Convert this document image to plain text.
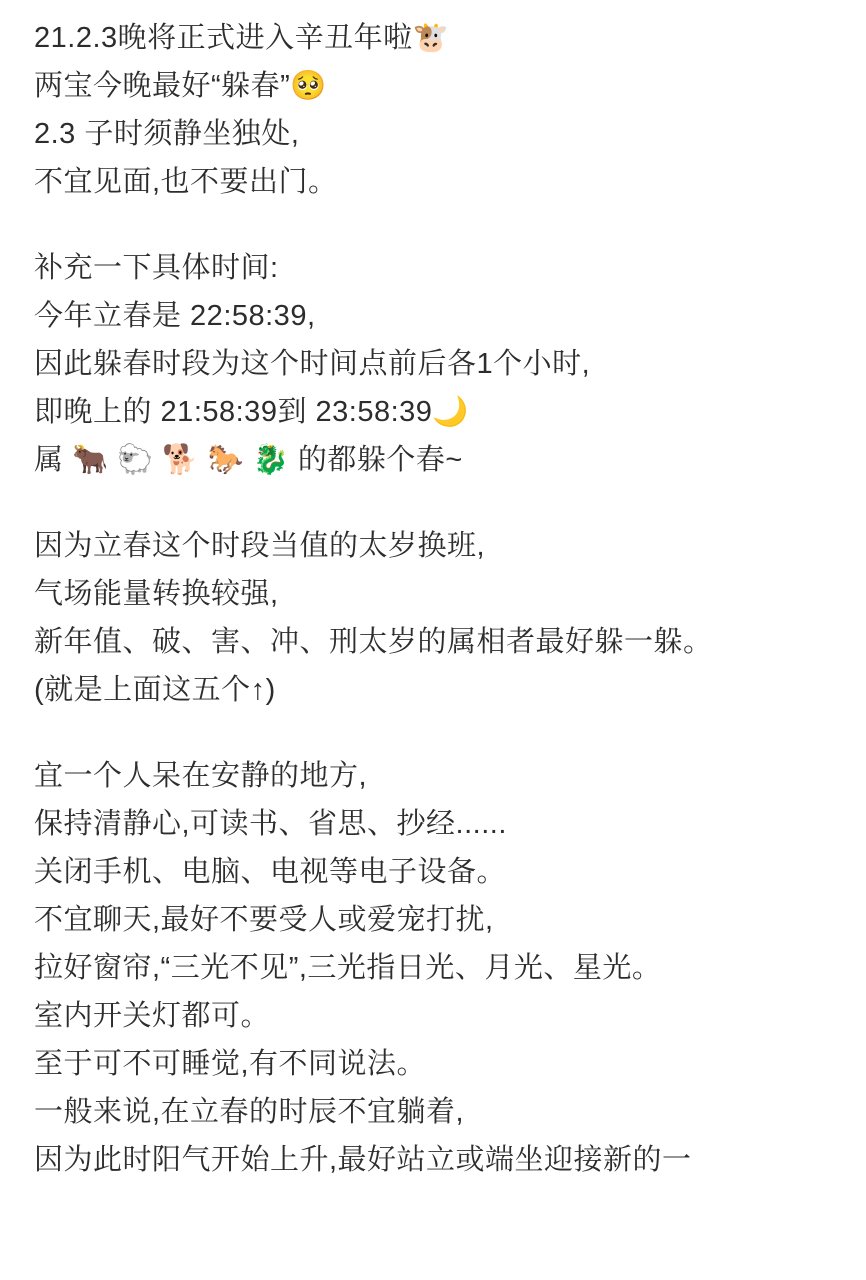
21.2.3晚将正式进入辛丑年啦🐮
两宝今晚最好“躲春”🥺
2.3 子时须静坐独处,
不宜见面,也不要出门。
补充一下具体时间:
今年立春是 22:58:39,
因此躲春时段为这个时间点前后各1个小时,
即晚上的 21:58:39到 23:58:39🌙
属 🐂 🐑 🐕 🐎 🐉 的都躲个春~
因为立春这个时段当值的太岁换班,
气场能量转换较强,
新年值、破、害、冲、刑太岁的属相者最好躲一躲。
(就是上面这五个↑)
宜一个人呆在安静的地方,
保持清静心,可读书、省思、抄经......
关闭手机、电脑、电视等电子设备。
不宜聊天,最好不要受人或爱宠打扰,
拉好窗帘,“三光不见”,三光指日光、月光、星光。
室内开关灯都可。
至于可不可睡觉,有不同说法。
一般来说,在立春的时辰不宜躺着,
因为此时阳气开始上升,最好站立或端坐迎接新的一
